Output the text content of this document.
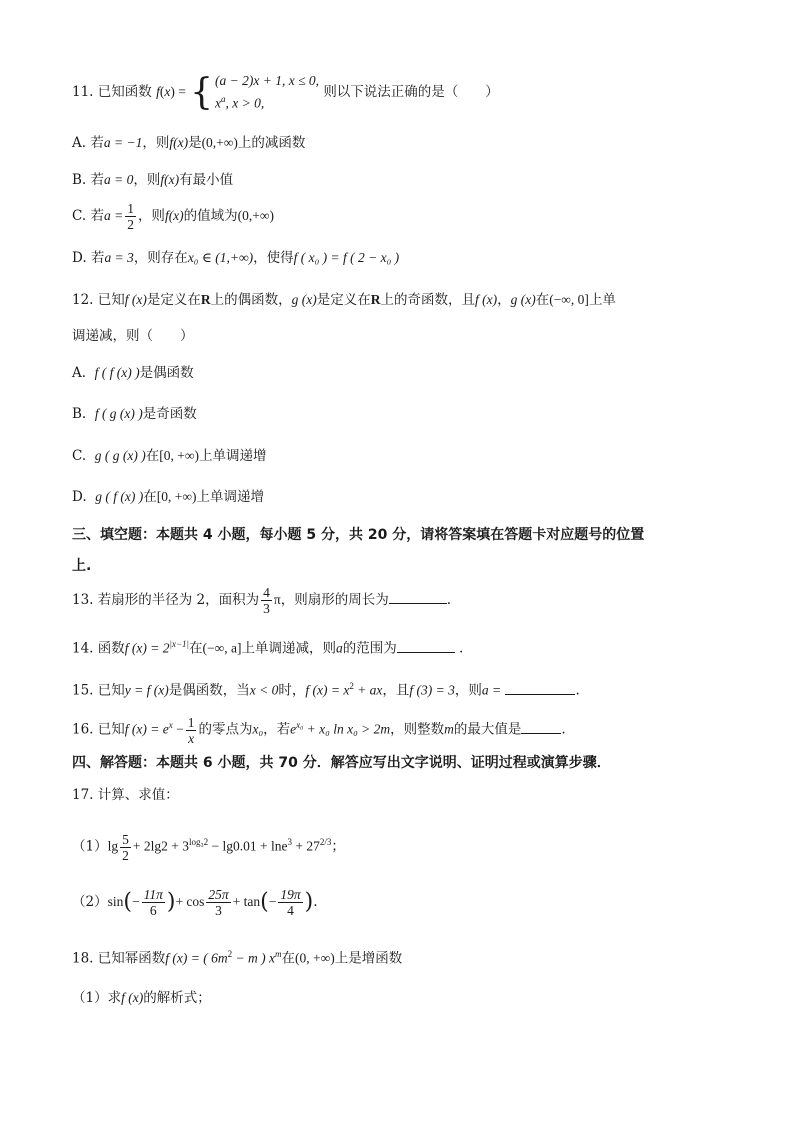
11. 已知函数 f(x) = { (a − 2)x + 1, x ≤ 0,
$x^a$, x > 0,
则以下说法正确的是（　　）
A. 若a = −1，则f(x)是(0,+∞)上的减函数
B. 若a = 0，则f(x)有最小值
C. 若$a = \frac{1}{2}$ ，则f(x)的值域为(0,+∞)
D. 若a = 3，则存在x₀ ∈ (1,+∞)，使得f ( x₀ ) = f ( 2 − x₀ )
12. 已知f (x)是定义在R上的偶函数，g (x)是定义在R上的奇函数，且f (x)，g (x)在(−∞, 0]上单
调递减，则（　　）
A. f ( f (x) )是偶函数
B. f ( g (x) )是奇函数
C. g ( g (x) )在[0, +∞)上单调递增
D. g ( f (x) )在[0, +∞)上单调递增
三、填空题：本题共 4 小题，每小题 5 分，共 20 分，请将答案填在答题卡对应题号的位置
上.
13. 若扇形的半径为 2，面积为 $\frac{4}{3}$ π，则扇形的周长为	.
14. 函数f $(x) = 2^{|x-1|}$在(−∞, a]上单调递减，则a的范围为	.
15. 已知y = f (x)是偶函数，当x < 0时，f $(x) = x^2$ + ax，且f (3) = 3，则a =	.
16. 已知f $(x) = e^x - \frac{1}{x}$ 的零点为x₀，若$e^{x_0} + x_0$ ln x₀ > 2m，则整数m的最大值是	.
四、解答题：本题共 6 小题，共 70 分．解答应写出文字说明、证明过程或演算步骤．
17. 计算、求值：
$(1)\lg \frac{5}{2} + 2\lg 2 + 3^{log_32} - \lg 0.01 + \ln e^3 + 27^{2/3}$；
$(2)\sin(- \frac{11\pi}{6}$ )+ $\cos \frac{25\pi}{3} + \tan(- \frac{19\pi}{4}$ ).
18. 已知幂函数f (x) = ( $6m^2 - m$ ) $x^m$在(0, +∞)上是增函数
（1）求f (x)的解析式；
